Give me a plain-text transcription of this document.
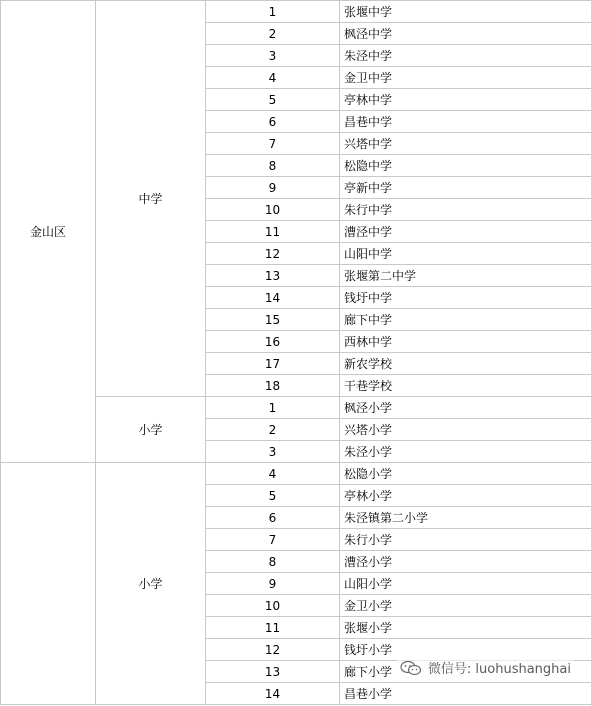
金山区	中学	1	张堰中学
		2	枫泾中学
		3	朱泾中学
		4	金卫中学
		5	亭林中学
		6	昌巷中学
		7	兴塔中学
		8	松隐中学
		9	亭新中学
		10	朱行中学
		11	漕泾中学
		12	山阳中学
		13	张堰第二中学
		14	钱圩中学
		15	廊下中学
		16	西林中学
		17	新农学校
		18	干巷学校
	小学	1	枫泾小学
		2	兴塔小学
		3	朱泾小学
	小学	4	松隐小学
		5	亭林小学
		6	朱泾镇第二小学
		7	朱行小学
		8	漕泾小学
		9	山阳小学
		10	金卫小学
		11	张堰小学
		12	钱圩小学
		13	廊下小学
		14	昌巷小学
微信号: luohushanghai
